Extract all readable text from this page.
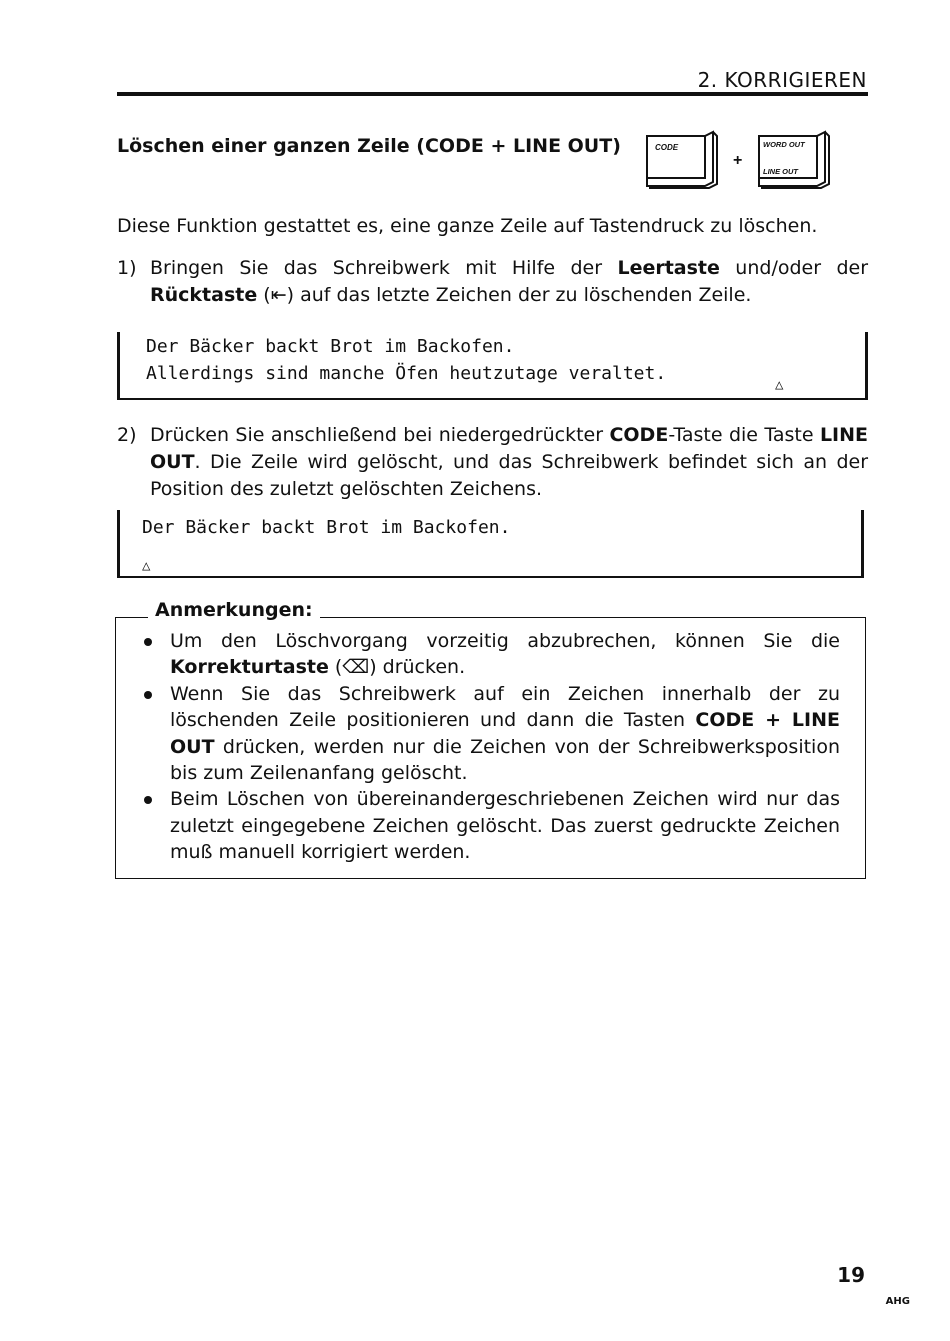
2. KORRIGIEREN
Löschen einer ganzen Zeile (CODE + LINE OUT)	CODE
+
WORD OUT
LINE OUT
Diese Funktion gestattet es, eine ganze Zeile auf Tastendruck zu löschen.
1) Bringen Sie das Schreibwerk mit Hilfe der Leertaste und/oder der Rücktaste (⇤) auf das letzte Zeichen der zu löschenden Zeile.
Der Bäcker backt Brot im Backofen.
Allerdings sind manche Öfen heutzutage veraltet.
△
2) Drücken Sie anschließend bei niedergedrückter CODE-Taste die Taste LINE OUT. Die Zeile wird gelöscht, und das Schreibwerk befindet sich an der Position des zuletzt gelöschten Zeichens.
Der Bäcker backt Brot im Backofen.
△
Anmerkungen:
Um den Löschvorgang vorzeitig abzubrechen, können Sie die Korrekturtaste (⌫) drücken.
Wenn Sie das Schreibwerk auf ein Zeichen innerhalb der zu löschenden Zeile positionieren und dann die Tasten CODE + LINE OUT drücken, werden nur die Zeichen von der Schreibwerksposition bis zum Zeilenanfang gelöscht.
Beim Löschen von übereinandergeschriebenen Zeichen wird nur das zuletzt eingegebene Zeichen gelöscht. Das zuerst gedruckte Zeichen muß manuell korrigiert werden.
19
AHG
